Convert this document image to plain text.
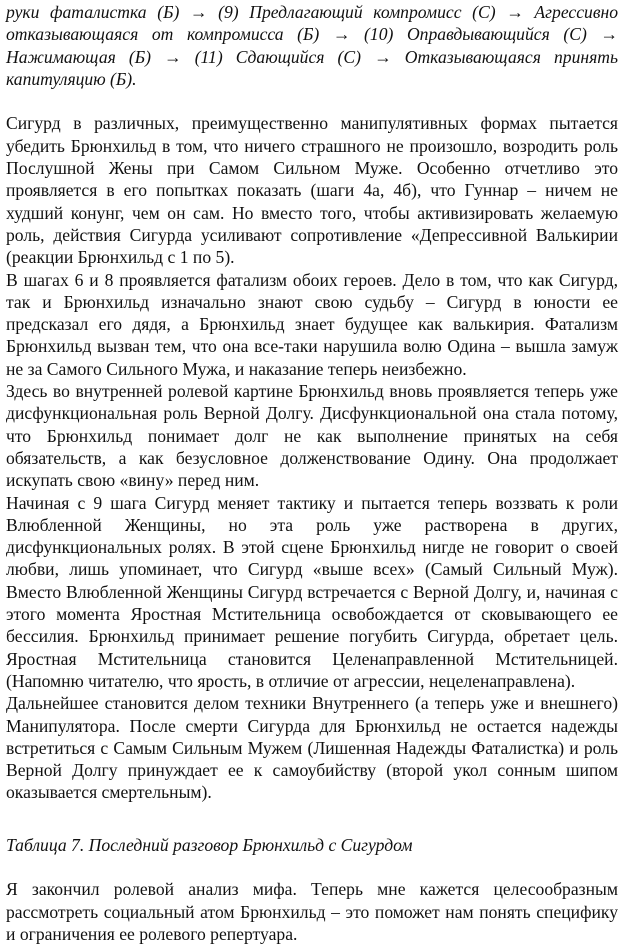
руки фаталистка (Б) → (9) Предлагающий компромисс (С) → Агрессивно отказывающаяся от компромисса (Б) → (10) Оправдывающийся (С) → Нажимающая (Б) → (11) Сдающийся (С) → Отказывающаяся принять капитуляцию (Б).

Сигурд в различных, преимущественно манипулятивных формах пытается убедить Брюнхильд в том, что ничего страшного не произошло, возродить роль Послушной Жены при Самом Сильном Муже. Особенно отчетливо это проявляется в его попытках показать (шаги 4а, 4б), что Гуннар – ничем не худший конунг, чем он сам. Но вместо того, чтобы активизировать желаемую роль, действия Сигурда усиливают сопротивление «Депрессивной Валькирии (реакции Брюнхильд с 1 по 5).

В шагах 6 и 8 проявляется фатализм обоих героев. Дело в том, что как Сигурд, так и Брюнхильд изначально знают свою судьбу – Сигурд в юности ее предсказал его дядя, а Брюнхильд знает будущее как валькирия. Фатализм Брюнхильд вызван тем, что она все-таки нарушила волю Одина – вышла замуж не за Самого Сильного Мужа, и наказание теперь неизбежно.

Здесь во внутренней ролевой картине Брюнхильд вновь проявляется теперь уже дисфункциональная роль Верной Долгу. Дисфункциональной она стала потому, что Брюнхильд понимает долг не как выполнение принятых на себя обязательств, а как безусловное долженствование Одину. Она продолжает искупать свою «вину» перед ним.

Начиная с 9 шага Сигурд меняет тактику и пытается теперь воззвать к роли Влюбленной Женщины, но эта роль уже растворена в других, дисфункциональных ролях. В этой сцене Брюнхильд нигде не говорит о своей любви, лишь упоминает, что Сигурд «выше всех» (Самый Сильный Муж). Вместо Влюбленной Женщины Сигурд встречается с Верной Долгу, и, начиная с этого момента Яростная Мстительница освобождается от сковывающего ее бессилия. Брюнхильд принимает решение погубить Сигурда, обретает цель. Яростная Мстительница становится Целенаправленной Мстительницей. (Напомню читателю, что ярость, в отличие от агрессии, нецеленаправлена).

Дальнейшее становится делом техники Внутреннего (а теперь уже и внешнего) Манипулятора. После смерти Сигурда для Брюнхильд не остается надежды встретиться с Самым Сильным Мужем (Лишенная Надежды Фаталистка) и роль Верной Долгу принуждает ее к самоубийству (второй укол сонным шипом оказывается смертельным).

Таблица 7. Последний разговор Брюнхильд с Сигурдом

Я закончил ролевой анализ мифа. Теперь мне кажется целесообразным рассмотреть социальный атом Брюнхильд – это поможет нам понять специфику и ограничения ее ролевого репертуара.
